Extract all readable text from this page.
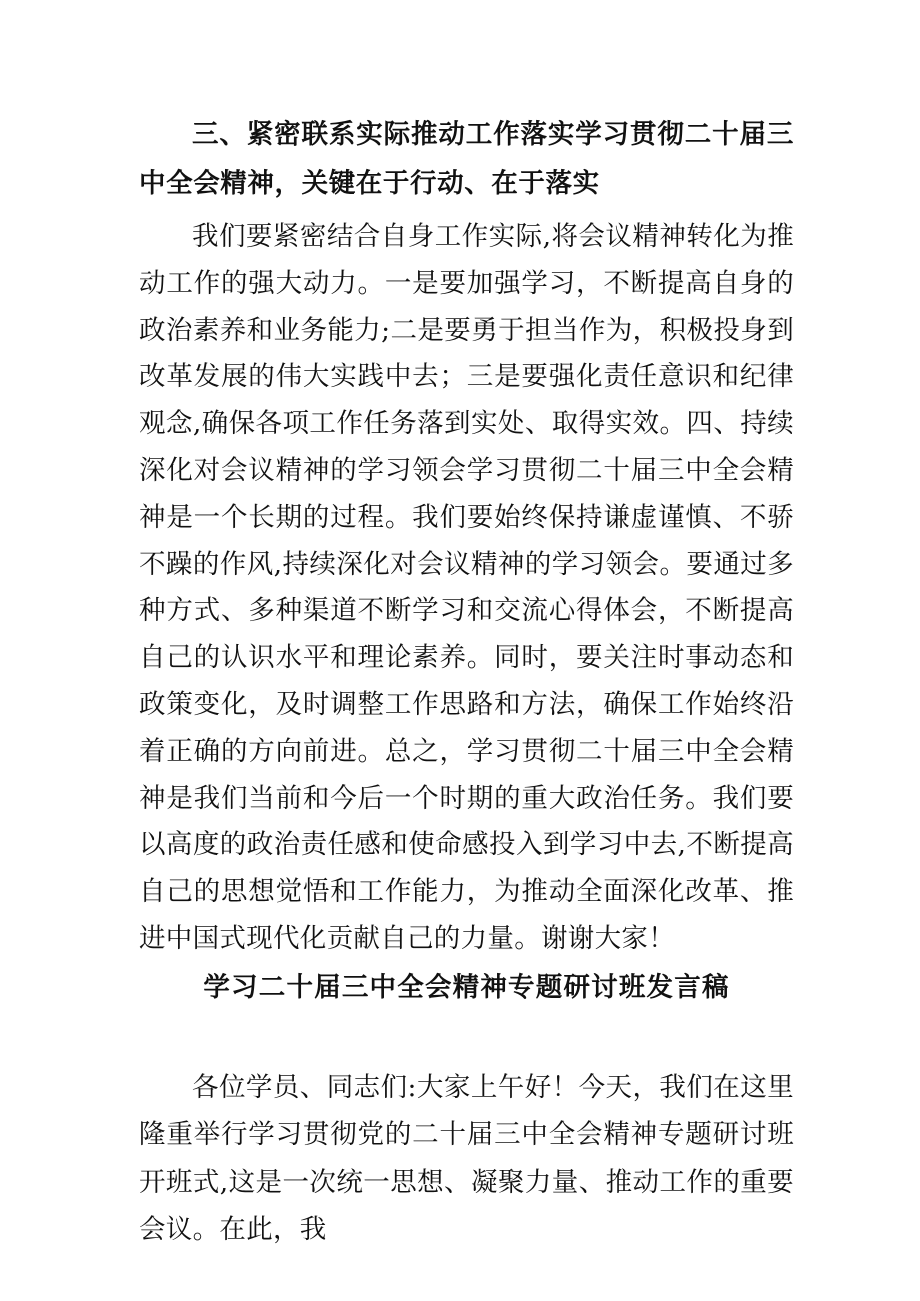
三、紧密联系实际推动工作落实学习贯彻二十届三中全会精神，关键在于行动、在于落实

我们要紧密结合自身工作实际,将会议精神转化为推动工作的强大动力。一是要加强学习，不断提高自身的政治素养和业务能力;二是要勇于担当作为，积极投身到改革发展的伟大实践中去；三是要强化责任意识和纪律观念,确保各项工作任务落到实处、取得实效。四、持续深化对会议精神的学习领会学习贯彻二十届三中全会精神是一个长期的过程。我们要始终保持谦虚谨慎、不骄不躁的作风,持续深化对会议精神的学习领会。要通过多种方式、多种渠道不断学习和交流心得体会，不断提高自己的认识水平和理论素养。同时，要关注时事动态和政策变化，及时调整工作思路和方法，确保工作始终沿着正确的方向前进。总之，学习贯彻二十届三中全会精神是我们当前和今后一个时期的重大政治任务。我们要以高度的政治责任感和使命感投入到学习中去,不断提高自己的思想觉悟和工作能力，为推动全面深化改革、推进中国式现代化贡献自己的力量。谢谢大家！

学习二十届三中全会精神专题研讨班发言稿

各位学员、同志们:大家上午好！今天，我们在这里隆重举行学习贯彻党的二十届三中全会精神专题研讨班开班式,这是一次统一思想、凝聚力量、推动工作的重要会议。在此，我
